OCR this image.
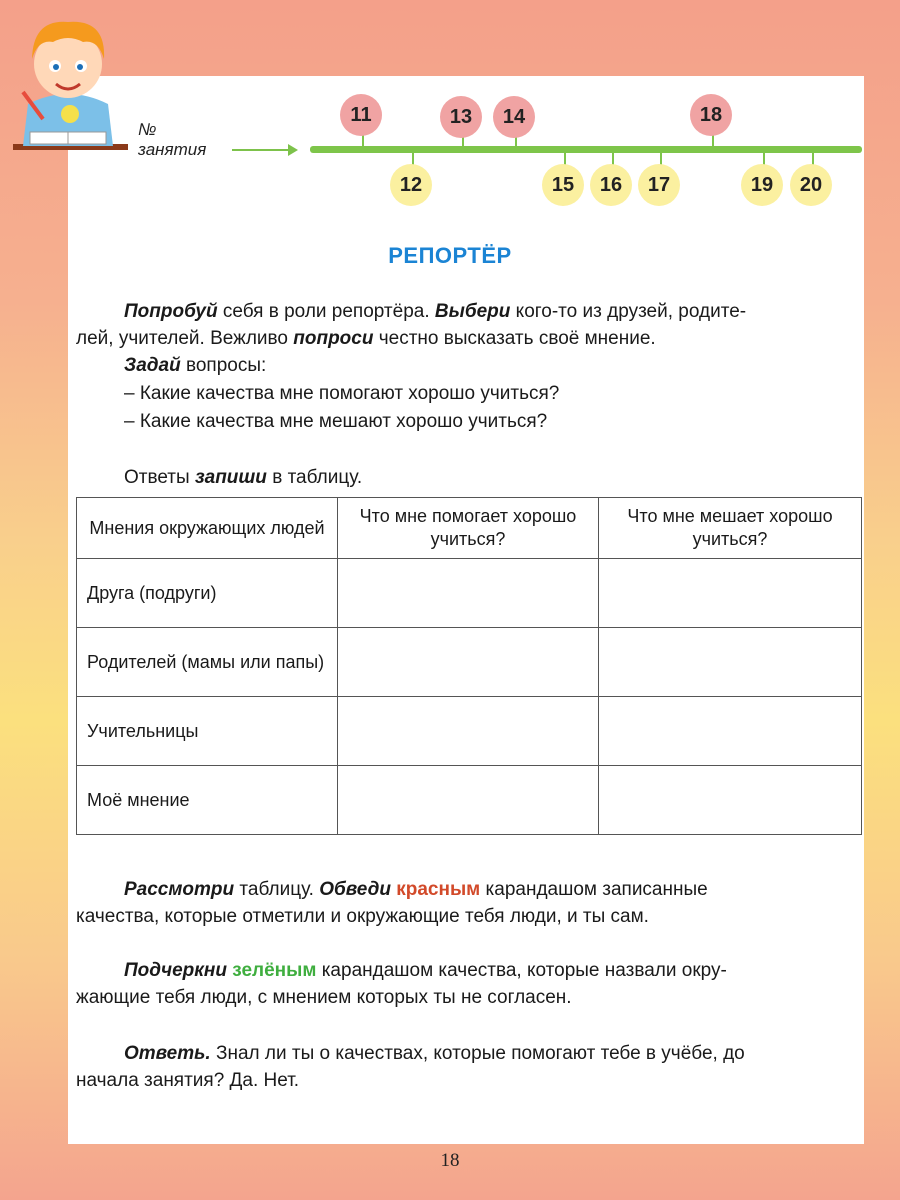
№
занятия
11	13	14	18
12	15	16	17	19	20
РЕПОРТЁР
Попробуй себя в роли репортёра. Выбери кого-то из друзей, родите-
лей, учителей. Вежливо попроси честно высказать своё мнение.
Задай вопросы:
– Какие качества мне помогают хорошо учиться?
– Какие качества мне мешают хорошо учиться?
Ответы запиши в таблицу.
Мнения окружающих людей	Что мне помогает хорошо учиться?	Что мне мешает хорошо учиться?
Друга (подруги)		
Родителей (мамы или папы)		
Учительницы		
Моё мнение		
Рассмотри таблицу. Обведи красным карандашом записанные
качества, которые отметили и окружающие тебя люди, и ты сам.
Подчеркни зелёным карандашом качества, которые назвали окру-
жающие тебя люди, с мнением которых ты не согласен.
Ответь. Знал ли ты о качествах, которые помогают тебе в учёбе, до
начала занятия? Да. Нет.
18
